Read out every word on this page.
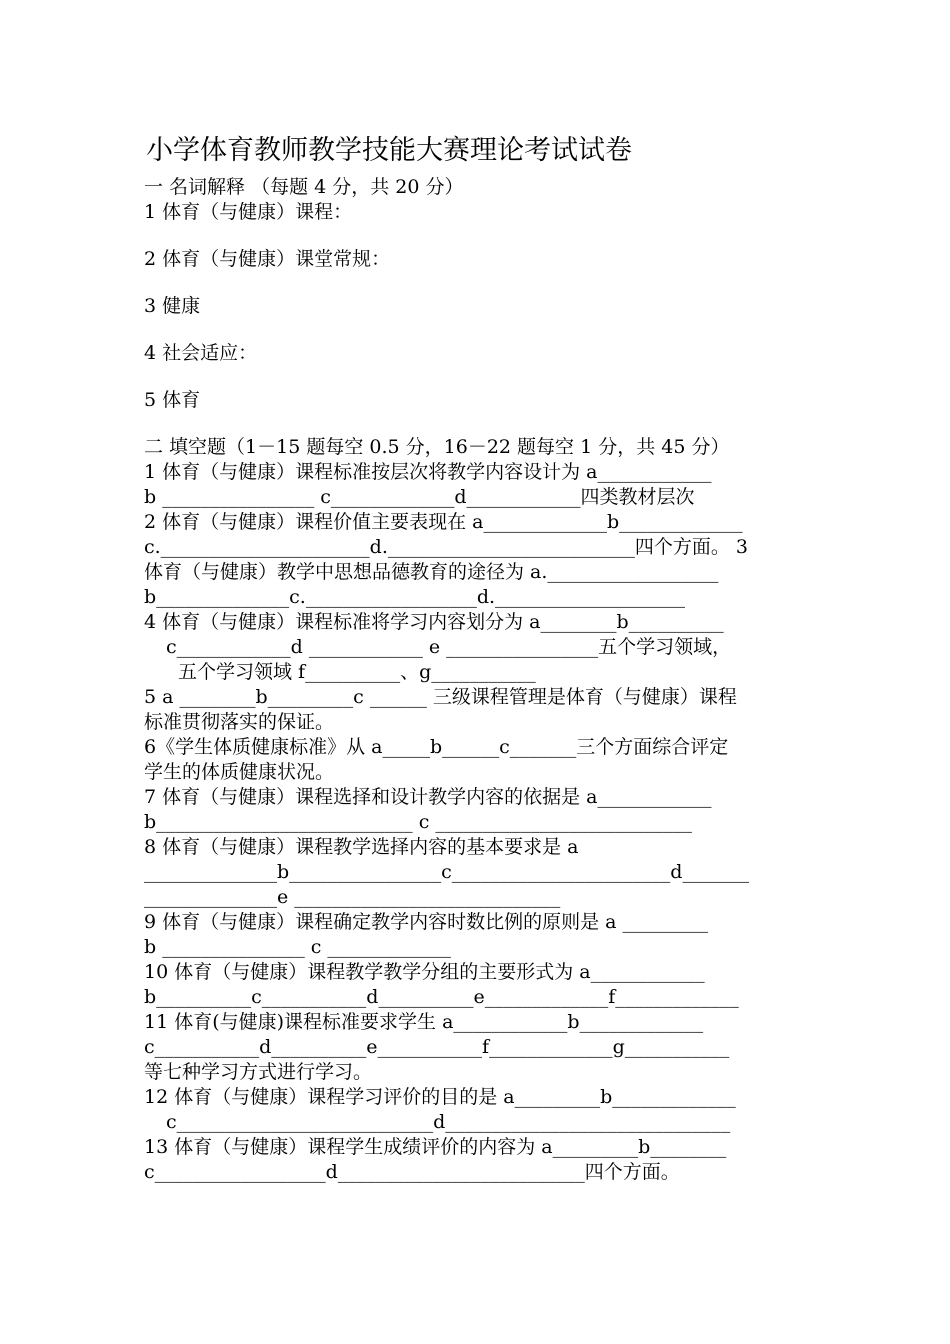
小学体育教师教学技能大赛理论考试试卷
一 名词解释 （每题 4 分，共 20 分）
1 体育（与健康）课程：
2 体育（与健康）课堂常规：
3 健康
4 社会适应：
5 体育
二 填空题（1－15 题每空 0.5 分，16－22 题每空 1 分，共 45 分）
1 体育（与健康）课程标准按层次将教学内容设计为 a____________
b ________________ c_____________d____________四类教材层次
2 体育（与健康）课程价值主要表现在 a_____________b_____________
c.______________________d.__________________________四个方面。 3
体育（与健康）教学中思想品德教育的途径为 a.__________________
b______________c.__________________d.____________________
4 体育（与健康）课程标准将学习内容划分为 a________b__________
c____________d ____________ e ________________五个学习领域，
五个学习领域 f__________、g___________
5 a ________b_________c ______ 三级课程管理是体育（与健康）课程
标准贯彻落实的保证。
6《学生体质健康标准》从 a_____b______c_______三个方面综合评定
学生的体质健康状况。
7 体育（与健康）课程选择和设计教学内容的依据是 a____________
b___________________________ c ___________________________
8 体育（与健康）课程教学选择内容的基本要求是 a
______________b________________c_______________________d_______
______________e ____________________________
9 体育（与健康）课程确定教学内容时数比例的原则是 a _________
b _______________ c _____________
10 体育（与健康）课程教学教学分组的主要形式为 a____________
b__________c___________d__________e_____________f_____________
11 体育(与健康)课程标准要求学生 a____________b_____________
c___________d__________e___________f_____________g___________
等七种学习方式进行学习。
12 体育（与健康）课程学习评价的目的是 a_________b_____________
c___________________________d______________________________
13 体育（与健康）课程学生成绩评价的内容为 a_________b________
c__________________d__________________________四个方面。
